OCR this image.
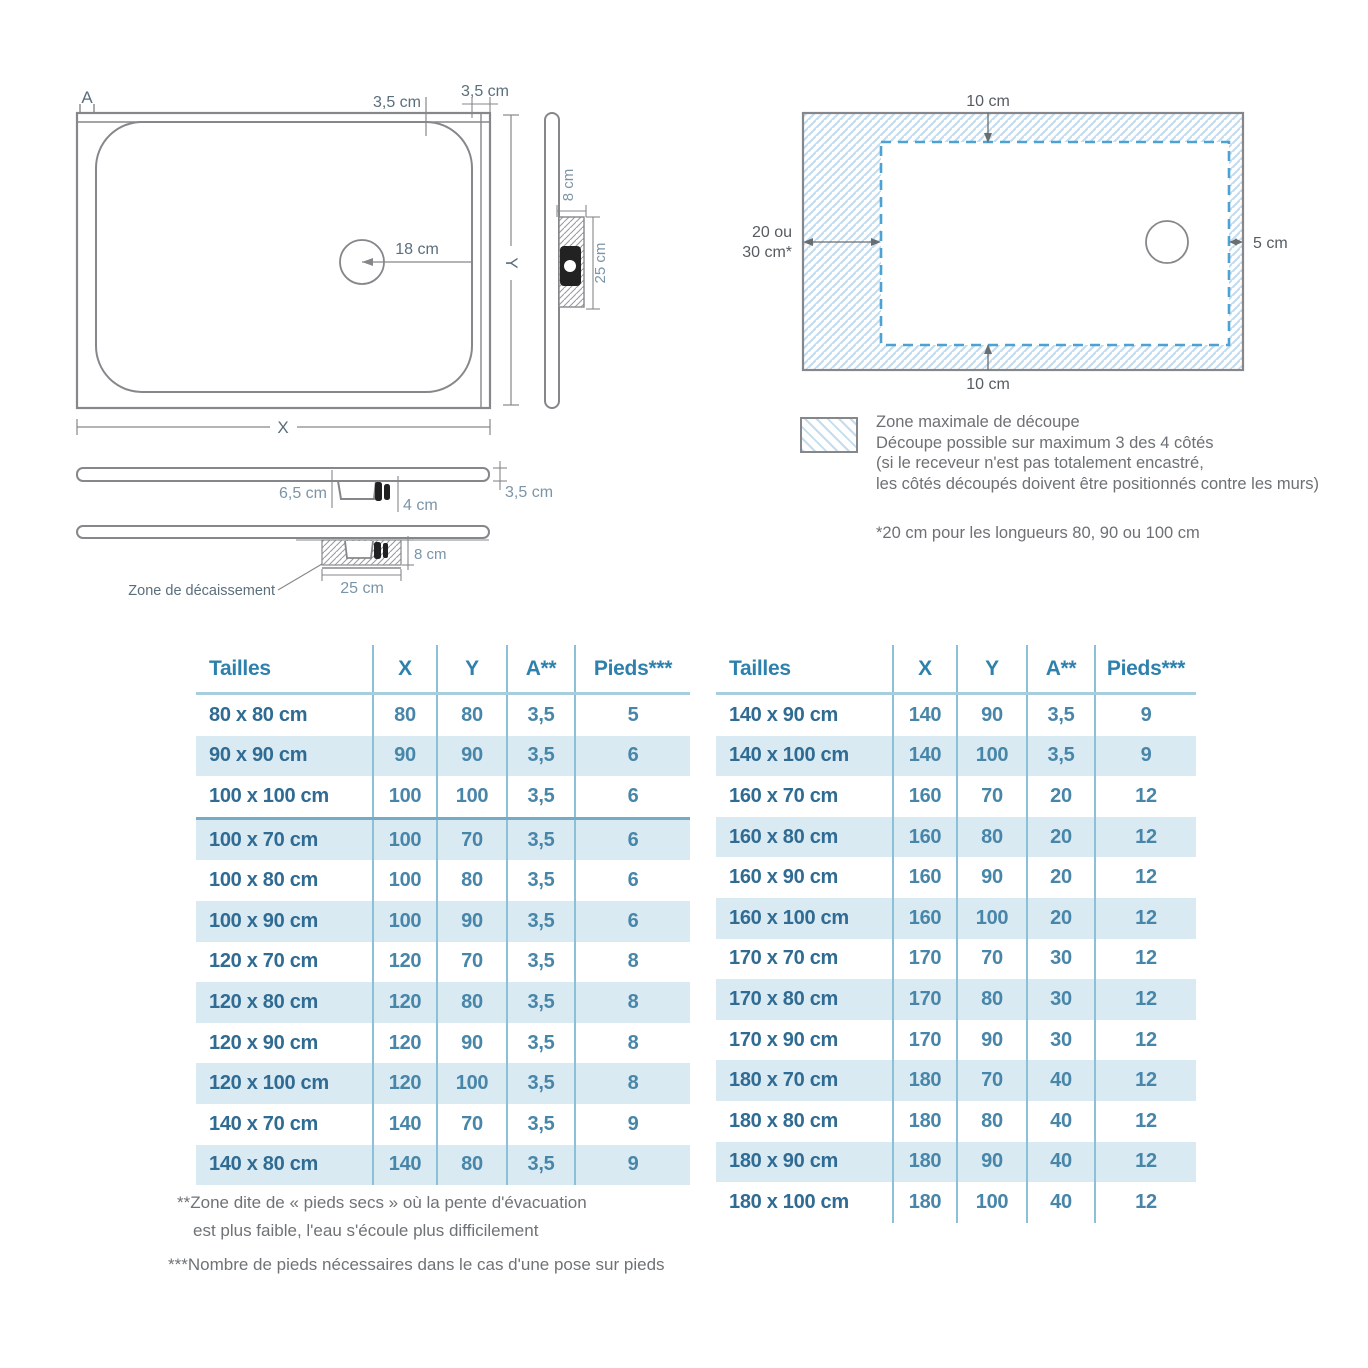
A
18 cm
3,5 cm
3,5 cm
Y
X
8 cm
25 cm
6,5 cm
4 cm
3,5 cm
8 cm
25 cm
Zone de décaissement
10 cm
10 cm
20 ou
30 cm*
5 cm
Zone maximale de découpe
Découpe possible sur maximum 3 des 4 côtés
(si le receveur n'est pas totalement encastré,
les côtés découpés doivent être positionnés contre les murs)
*20 cm pour les longueurs 80, 90 ou 100 cm
Tailles	X	Y	A**	Pieds***
80 x 80 cm	80	80	3,5	5
90 x 90 cm	90	90	3,5	6
100 x 100 cm	100	100	3,5	6
100 x 70 cm	100	70	3,5	6
100 x 80 cm	100	80	3,5	6
100 x 90 cm	100	90	3,5	6
120 x 70 cm	120	70	3,5	8
120 x 80 cm	120	80	3,5	8
120 x 90 cm	120	90	3,5	8
120 x 100 cm	120	100	3,5	8
140 x 70 cm	140	70	3,5	9
140 x 80 cm	140	80	3,5	9
Tailles	X	Y	A**	Pieds***
140 x 90 cm	140	90	3,5	9
140 x 100 cm	140	100	3,5	9
160 x 70 cm	160	70	20	12
160 x 80 cm	160	80	20	12
160 x 90 cm	160	90	20	12
160 x 100 cm	160	100	20	12
170 x 70 cm	170	70	30	12
170 x 80 cm	170	80	30	12
170 x 90 cm	170	90	30	12
180 x 70 cm	180	70	40	12
180 x 80 cm	180	80	40	12
180 x 90 cm	180	90	40	12
180 x 100 cm	180	100	40	12
**Zone dite de « pieds secs » où la pente d'évacuation
est plus faible, l'eau s'écoule plus difficilement
***Nombre de pieds nécessaires dans le cas d'une pose sur pieds
